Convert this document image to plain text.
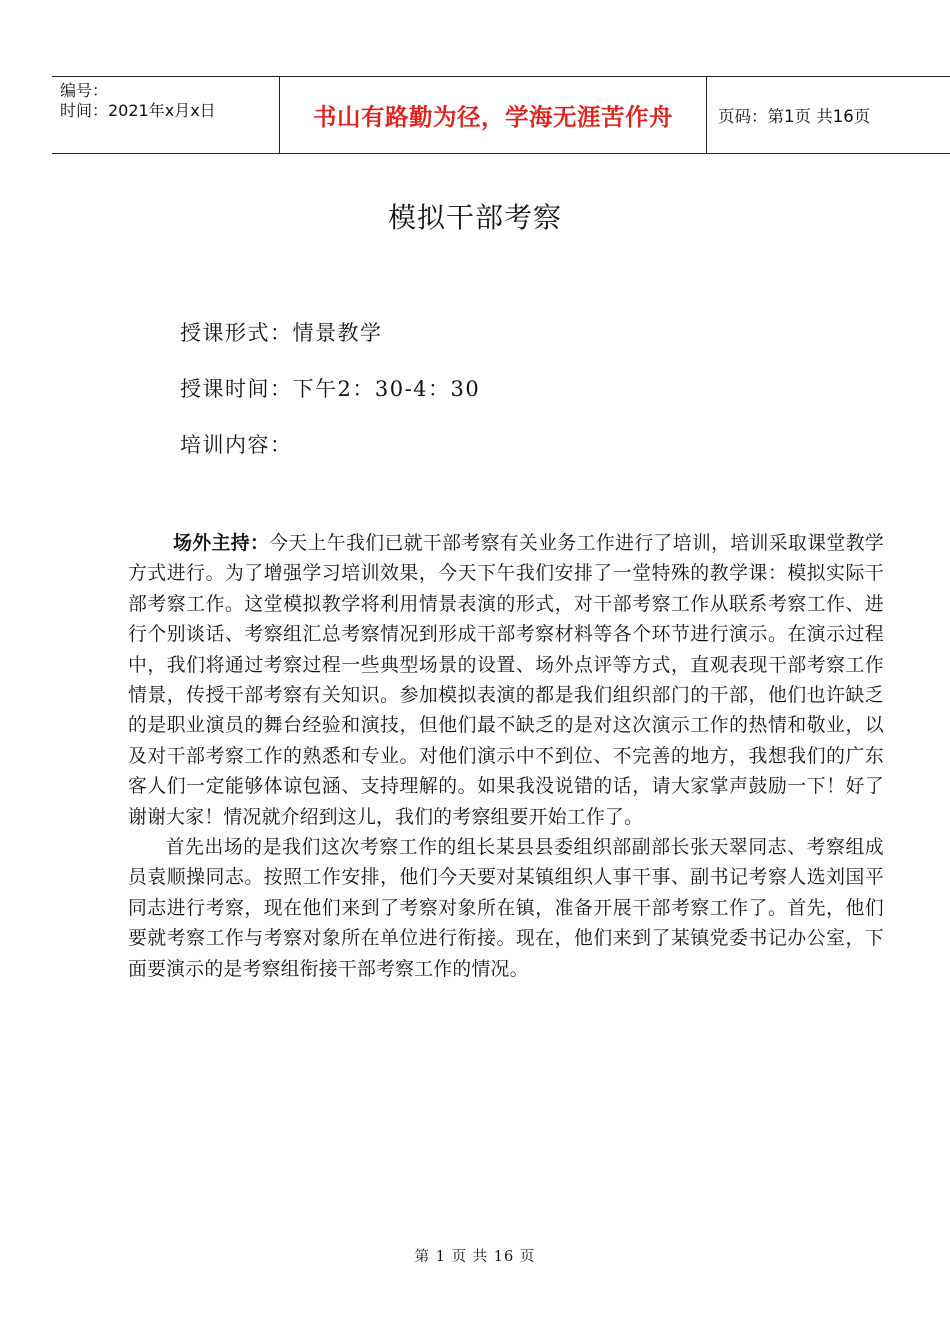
编号：
时间：2021年x月x日	书山有路勤为径，学海无涯苦作舟	页码：第1页 共16页
模拟干部考察
授课形式：情景教学
授课时间：下午2：30-4：30
培训内容：

场外主持：今天上午我们已就干部考察有关业务工作进行了培训，培训采取课堂教学方式进行。为了增强学习培训效果，今天下午我们安排了一堂特殊的教学课：模拟实际干部考察工作。这堂模拟教学将利用情景表演的形式，对干部考察工作从联系考察工作、进行个别谈话、考察组汇总考察情况到形成干部考察材料等各个环节进行演示。在演示过程中，我们将通过考察过程一些典型场景的设置、场外点评等方式，直观表现干部考察工作情景，传授干部考察有关知识。参加模拟表演的都是我们组织部门的干部，他们也许缺乏的是职业演员的舞台经验和演技，但他们最不缺乏的是对这次演示工作的热情和敬业，以及对干部考察工作的熟悉和专业。对他们演示中不到位、不完善的地方，我想我们的广东客人们一定能够体谅包涵、支持理解的。如果我没说错的话，请大家掌声鼓励一下！好了谢谢大家！情况就介绍到这儿，我们的考察组要开始工作了。

首先出场的是我们这次考察工作的组长某县县委组织部副部长张天翠同志、考察组成员袁顺操同志。按照工作安排，他们今天要对某镇组织人事干事、副书记考察人选刘国平同志进行考察，现在他们来到了考察对象所在镇，准备开展干部考察工作了。首先，他们要就考察工作与考察对象所在单位进行衔接。现在，他们来到了某镇党委书记办公室，下面要演示的是考察组衔接干部考察工作的情况。

第 1 页 共 16 页
